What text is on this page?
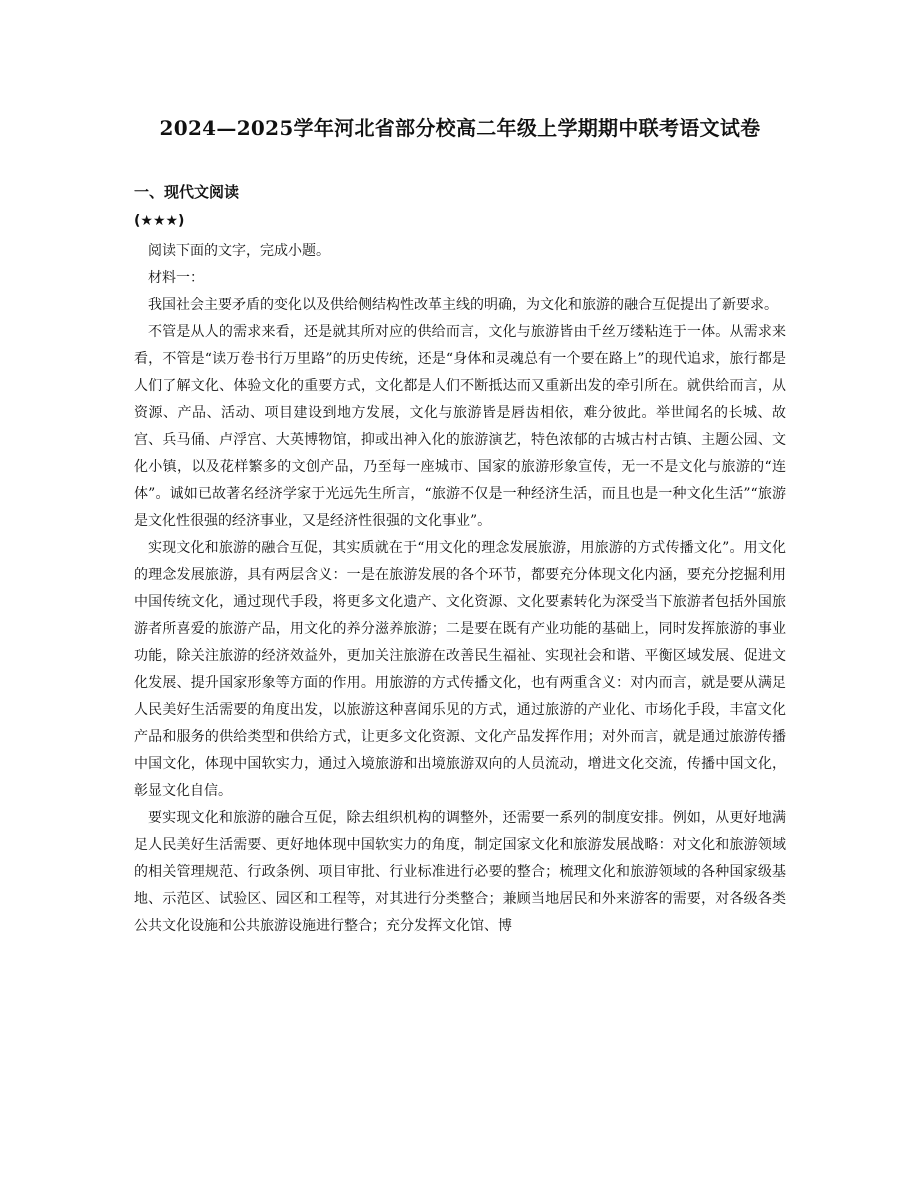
2024—2025学年河北省部分校高二年级上学期期中联考语文试卷
一、现代文阅读
(★★★)

阅读下面的文字，完成小题。

材料一：

我国社会主要矛盾的变化以及供给侧结构性改革主线的明确，为文化和旅游的融合互促提出了新要求。

不管是从人的需求来看，还是就其所对应的供给而言，文化与旅游皆由千丝万缕粘连于一体。从需求来看，不管是“读万卷书行万里路”的历史传统，还是“身体和灵魂总有一个要在路上”的现代追求，旅行都是人们了解文化、体验文化的重要方式，文化都是人们不断抵达而又重新出发的牵引所在。就供给而言，从资源、产品、活动、项目建设到地方发展，文化与旅游皆是唇齿相依，难分彼此。举世闻名的长城、故宫、兵马俑、卢浮宫、大英博物馆，抑或出神入化的旅游演艺，特色浓郁的古城古村古镇、主题公园、文化小镇，以及花样繁多的文创产品，乃至每一座城市、国家的旅游形象宣传，无一不是文化与旅游的“连体”。诚如已故著名经济学家于光远先生所言，“旅游不仅是一种经济生活，而且也是一种文化生活”“旅游是文化性很强的经济事业，又是经济性很强的文化事业”。

实现文化和旅游的融合互促，其实质就在于“用文化的理念发展旅游，用旅游的方式传播文化”。用文化的理念发展旅游，具有两层含义：一是在旅游发展的各个环节，都要充分体现文化内涵，要充分挖掘利用中国传统文化，通过现代手段，将更多文化遗产、文化资源、文化要素转化为深受当下旅游者包括外国旅游者所喜爱的旅游产品，用文化的养分滋养旅游；二是要在既有产业功能的基础上，同时发挥旅游的事业功能，除关注旅游的经济效益外，更加关注旅游在改善民生福祉、实现社会和谐、平衡区域发展、促进文化发展、提升国家形象等方面的作用。用旅游的方式传播文化，也有两重含义：对内而言，就是要从满足人民美好生活需要的角度出发，以旅游这种喜闻乐见的方式，通过旅游的产业化、市场化手段，丰富文化产品和服务的供给类型和供给方式，让更多文化资源、文化产品发挥作用；对外而言，就是通过旅游传播中国文化，体现中国软实力，通过入境旅游和出境旅游双向的人员流动，增进文化交流，传播中国文化，彰显文化自信。

要实现文化和旅游的融合互促，除去组织机构的调整外，还需要一系列的制度安排。例如，从更好地满足人民美好生活需要、更好地体现中国软实力的角度，制定国家文化和旅游发展战略：对文化和旅游领域的相关管理规范、行政条例、项目审批、行业标准进行必要的整合；梳理文化和旅游领域的各种国家级基地、示范区、试验区、园区和工程等，对其进行分类整合；兼顾当地居民和外来游客的需要，对各级各类公共文化设施和公共旅游设施进行整合；充分发挥文化馆、博
